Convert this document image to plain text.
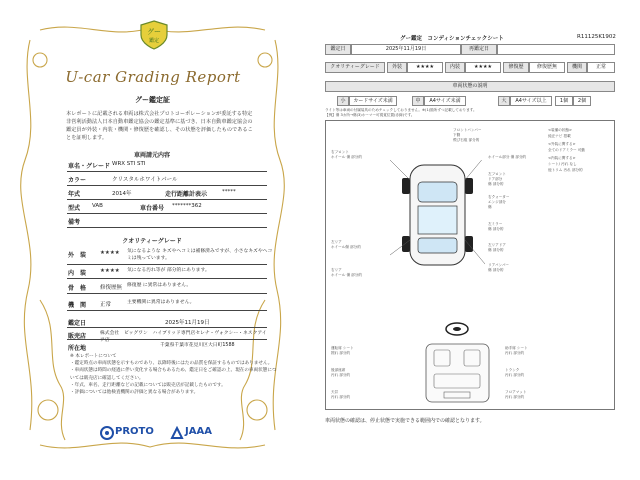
グー
鑑定
U-car Grading Report
グー鑑定証
本レポートに記載される車両は株式会社プロトコーポレーションが委託する特定非営利活動法人日本自動車鑑定協会の鑑定基準に基づき、日本自動車鑑定協会の鑑定員が外装・内装・機関・修復歴を確認し、その状態を評価したものであることを証明します。
車両請元内容
車名・グレード WRX STI STI
カラー	クリスタルホワイトパール
年式	2014年	走行距離計表示	*****
型式 VAB	車台番号 *******362
備考
クオリティーグレード
外　装	★★★★ 気になるような キズやヘコミは補修済みですが、小さなキズやヘコミは残っています。
内　装	★★★★ 気になる汚れ等が 部分的にあります。
骨　格	修復歴無 修復歴 に異常はありません。
機　関	正常	主要機関に異常はありません。
鑑定日	2025年11月19日
販売店	株式会社　ビッグワン　ハイブリッド専門店セレナ・ヴォクシー・ネスクアイア店
所在地	千葉県千葉市花見川区大日町1588
※ 本レポートについて
・鑑定時点の車両状態を示すものであり、以降時後にはたの品質を保証するものではありません。
・車両状態は時間の経過に伴い変化する場合もあるため、鑑定日をご確認の上、現在の車両状態については販売店に確認してください。
・年式、車名、走行距離などの記載については販売店が記載したものです。
・評価については他検査機関の評価と異なる場合があります。
PROTO	JAAA
グー鑑定　コンディションチェックシート	R11125K1902
鑑定日	2025年11月19日	再鑑定日
クオリティーグレード	外装	★★★★	内装	★★★★	修復歴	修復歴無	機関	正常
車両状態の説明
小	カードサイズ未満	中	A4サイズ未満	大	A4サイズ以上	1個	2個
ライト等は車両の付属装具のためチェックしておりません。※(1)箇所ずつ記載しております。
【例】傷 3カ所→傷(3)ホーマー可視覚位置(赤線)です。
フロントバンパー
下側
飛び石痕 部分的
右フロント
ホイール 傷 部分的
左リア
ホイール傷 部分的
右リア
ホイール 傷 部分的
ホイール部分 傷 部分的
左フロント
ドア部分
傷 部分的
右クォーター
エンジ部分
傷
左ミラー
傷 部分的
左リアドア
傷 部分的
リアバンパー
傷 部分的
<装備の状態>
純正ナビ 搭載
<外装に関する>
全てのドアミラー 可動
<内装に関する>
シート/ 汚れ なし
他トリム 汚れ 部分的
運転席 シート
擦れ 部分的
後部座席
汚れ 部分的
天井
汚れ 部分的
助手席 シート
汚れ 部分的
トランク
汚れ 部分的
フロアマット
汚れ 部分的
車両状態の確認は、停止状態で実施できる範囲内での確認となります。
